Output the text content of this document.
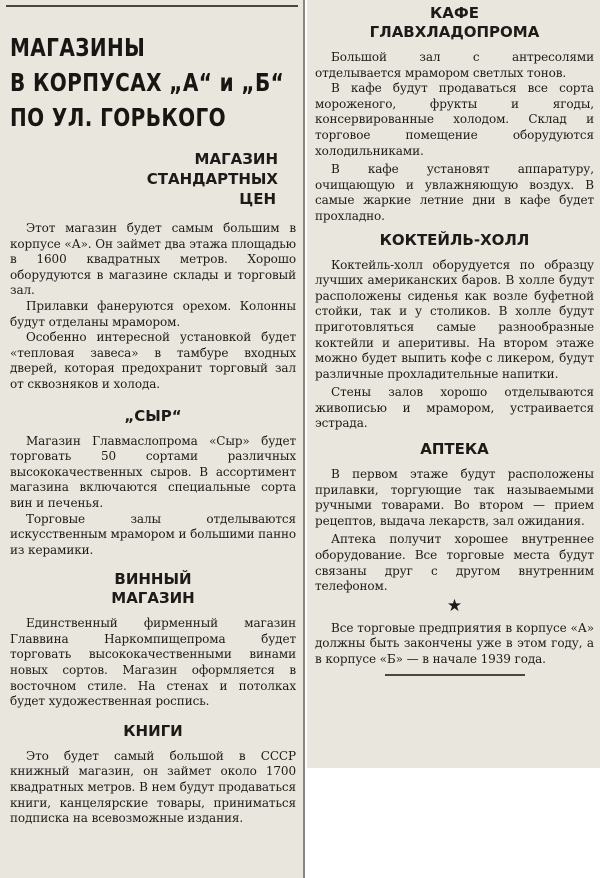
МАГАЗИНЫ
В КОРПУСАХ „А“ и „Б“
ПО УЛ. ГОРЬКОГО
МАГАЗИН
СТАНДАРТНЫХ
ЦЕН

Этот магазин будет самым большим в корпусе «А». Он займет два этажа площадью в 1600 квадратных метров. Хорошо оборудуются в магазине склады и торговый зал.

Прилавки фанеруются орехом. Колонны будут отделаны мрамором.

Особенно интересной установкой будет «тепловая завеса» в тамбуре входных дверей, которая предохранит торговый зал от сквозняков и холода.

„СЫР“

Магазин Главмаслопрома «Сыр» будет торговать 50 сортами различных высококачественных сыров. В ассортимент магазина включаются специальные сорта вин и печенья.

Торговые залы отделываются искусственным мрамором и большими панно из керамики.

ВИННЫЙ
МАГАЗИН

Единственный фирменный магазин Главвина Наркомпищепрома будет торговать высококачественными винами новых сортов. Магазин оформляется в восточном стиле. На стенах и потолках будет художественная роспись.

КНИГИ

Это будет самый большой в СССР книжный магазин, он займет около 1700 квадратных метров. В нем будут продаваться книги, канцелярские товары, приниматься подписка на всевозможные издания.

КАФЕ
ГЛАВХЛАДОПРОМА

Большой зал с антресолями отделывается мрамором светлых тонов.

В кафе будут продаваться все сорта мороженого, фрукты и ягоды, консервированные холодом. Склад и торговое помещение оборудуются холодильниками.

В кафе установят аппаратуру, очищающую и увлажняющую воздух. В самые жаркие летние дни в кафе будет прохладно.

КОКТЕЙЛЬ-ХОЛЛ

Коктейль-холл оборудуется по образцу лучших американских баров. В холле будут расположены сиденья как возле буфетной стойки, так и у столиков. В холле будут приготовляться самые разнообразные коктейли и аперитивы. На втором этаже можно будет выпить кофе с ликером, будут различные прохладительные напитки.

Стены залов хорошо отделываются живописью и мрамором, устраивается эстрада.

АПТЕКА

В первом этаже будут расположены прилавки, торгующие так называемыми ручными товарами. Во втором — прием рецептов, выдача лекарств, зал ожидания.

Аптека получит хорошее внутреннее оборудование. Все торговые места будут связаны друг с другом внутренним телефоном.

★

Все торговые предприятия в корпусе «А» должны быть закончены уже в этом году, а в корпусе «Б» — в начале 1939 года.
